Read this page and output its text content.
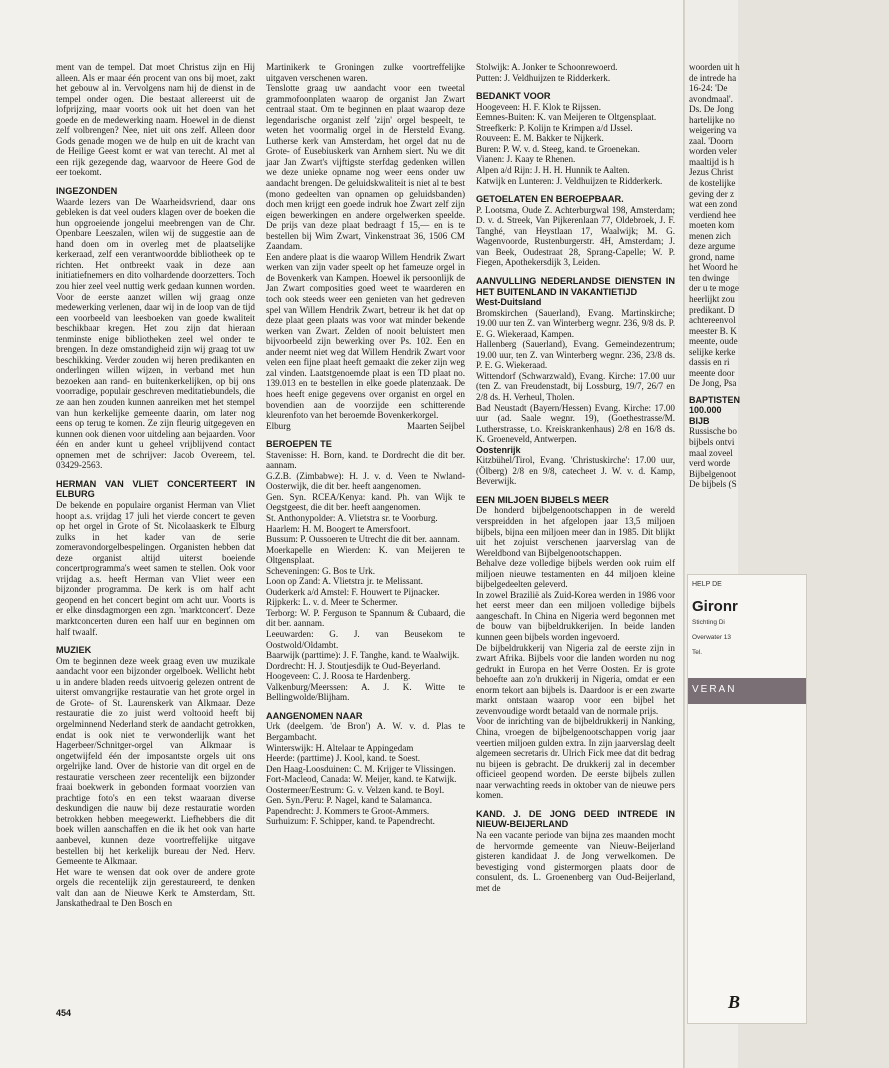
ment van de tempel. Dat moet Christus zijn en Hij alleen. Als er maar één procent van ons bij moet, zakt het gebouw al in. Vervolgens nam hij de dienst in de tempel onder ogen. Die bestaat allereerst uit de lofprijzing, maar voorts ook uit het doen van het goede en de medewerking naam. Hoewel in de dienst zelf volbrengen? Nee, niet uit ons zelf. Alleen door Gods genade mogen we de hulp en uit de kracht van de Heilige Geest komt er wat van terecht. Al met al een rijk gezegende dag, waarvoor de Heere God de eer toekomt.

INGEZONDEN

Waarde lezers van De Waarheidsvriend, daar ons gebleken is dat veel ouders klagen over de boeken die hun opgroeiende jongelui meebrengen van de Chr. Openbare Leeszalen, wilen wij de suggestie aan de hand doen om in overleg met de plaatselijke kerkeraad, zelf een verantwoordde bibliotheek op te richten. Het ontbreekt vaak in deze aan initiatiefnemers en dito volhardende doorzetters. Toch zou hier zeel veel nuttig werk gedaan kunnen worden. Voor de eerste aanzet willen wij graag onze medewerking verlenen, daar wij in de loop van de tijd een voorbeeld van leesboeken van goede kwaliteit beschikbaar kregen. Het zou zijn dat hieraan tenminste enige bibliotheken zeel wel onder te brengen. In deze omstandigheid zijn wij graag tot uw beschikking. Verder zouden wij heren predikanten en onderlingen willen wijzen, in verband met hun bezoeken aan rand- en buitenkerkelijken, op bij ons voorradige, populair geschreven meditatiebundels, die ze aan hen zouden kunnen aanreiken met het stempel van hun kerkelijke gemeente daarin, om later nog eens op terug te komen. Ze zijn fleurig uitgegeven en kunnen ook dienen voor uitdeling aan bejaarden. Voor één en ander kunt u geheel vrijblijvend contact opnemen met de schrijver: Jacob Overeem, tel. 03429-2563.

HERMAN VAN VLIET CONCERTEERT IN ELBURG

De bekende en populaire organist Herman van Vliet hoopt a.s. vrijdag 17 juli het vierde concert te geven op het orgel in Grote of St. Nicolaaskerk te Elburg zulks in het kader van de serie zomeravondorgelbespelingen. Organisten hebben dat deze organist altijd uiterst boeiende concertprogramma's weet samen te stellen. Ook voor vrijdag a.s. heeft Herman van Vliet weer een bijzonder programma. De kerk is om half acht geopend en het concert begint om acht uur. Voorts is er elke dinsdagmorgen een zgn. 'marktconcert'. Deze marktconcerten duren een half uur en beginnen om half twaalf.

MUZIEK

Om te beginnen deze week graag even uw muzikale aandacht voor een bijzonder orgelboek. Wellicht hebt u in andere bladen reeds uitvoerig gelezen ontrent de uiterst omvangrijke restauratie van het grote orgel in de Grote- of St. Laurenskerk van Alkmaar. Deze restauratie die zo juist werd voltooid heeft bij orgelminnend Nederland sterk de aandacht getrokken, endat is ook niet te verwonderlijk want het Hagerbeer/Schnitger-orgel van Alkmaar is ongetwijfeld één der imposantste orgels uit ons orgelrijke land. Over de historie van dit orgel en de restauratie verscheen zeer recentelijk een bijzonder fraai boekwerk in gebonden formaat voorzien van prachtige foto's en een tekst waaraan diverse deskundigen die nauw bij deze restauratie worden betrokken hebben meegewerkt. Liefhebbers die dit boek willen aanschaffen en die ik het ook van harte aanbevel, kunnen deze voortreffelijke uitgave bestellen bij het kerkelijk bureau der Ned. Herv. Gemeente te Alkmaar.

Het ware te wensen dat ook over de andere grote orgels die recentelijk zijn gerestaureerd, te denken valt dan aan de Nieuwe Kerk te Amsterdam, Stt. Janskathedraal te Den Bosch en

Martinikerk te Groningen zulke voortreffelijke uitgaven verschenen waren.

Tenslotte graag uw aandacht voor een tweetal grammofoonplaten waarop de organist Jan Zwart centraal staat. Om te beginnen en plaat waarop deze legendarische organist zelf 'zijn' orgel bespeelt, te weten het voormalig orgel in de Hersteld Evang. Lutherse kerk van Amsterdam, het orgel dat nu de Grote- of Eusebiuskerk van Arnhem siert. Nu we dit jaar Jan Zwart's vijftigste sterfdag gedenken willen we deze unieke opname nog weer eens onder uw aandacht brengen. De geluidskwaliteit is niet al te best (mono gedeelten van opnamen op geluidsbanden) doch men krijgt een goede indruk hoe Zwart zelf zijn eigen bewerkingen en andere orgelwerken speelde. De prijs van deze plaat bedraagt f 15,— en is te bestellen bij Wim Zwart, Vinkenstraat 36, 1506 CM Zaandam.

Een andere plaat is die waarop Willem Hendrik Zwart werken van zijn vader speelt op het fameuze orgel in de Bovenkerk van Kampen. Hoewel ik persoonlijk de Jan Zwart composities goed weet te waarderen en toch ook steeds weer een genieten van het gedreven spel van Willem Hendrik Zwart, betreur ik het dat op deze plaat geen plaats was voor wat minder bekende werken van Zwart. Zelden of nooit beluistert men bijvoorbeeld zijn bewerking over Ps. 102. Een en ander neemt niet weg dat Willem Hendrik Zwart voor velen een fijne plaat heeft gemaakt die zeker zijn weg zal vinden. Laatstgenoemde plaat is een TD plaat no. 139.013 en te bestellen in elke goede platenzaak. De hoes heeft enige gegevens over organist en orgel en bovendien aan de voorzijde een schitterende kleurenfoto van het beroemde Bovenkerkorgel.

Elburg	Maarten Seijbel
BEROEPEN TE

Stavenisse: H. Born, kand. te Dordrecht die dit ber. aannam.

G.Z.B. (Zimbabwe): H. J. v. d. Veen te Nwland-Oosterwijk, die dit ber. heeft aangenomen.

Gen. Syn. RCEA/Kenya: kand. Ph. van Wijk te Oegstgeest, die dit ber. heeft aangenomen.

St. Anthonypolder: A. Vlietstra sr. te Voorburg.

Haarlem: H. M. Boogert te Amersfoort.

Bussum: P. Oussoeren te Utrecht die dit ber. aannam.

Moerkapelle en Wierden: K. van Meijeren te Oltgensplaat.

Scheveningen: G. Bos te Urk.

Loon op Zand: A. Vlietstra jr. te Melissant.

Ouderkerk a/d Amstel: F. Houwert te Pijnacker.

Rijpkerk: L. v. d. Meer te Schermer.

Terborg: W. P. Ferguson te Spannum & Cubaard, die dit ber. aannam.

Leeuwarden: G. J. van Beusekom te Oostwold/Oldambt.

Baarwijk (parttime): J. F. Tanghe, kand. te Waalwijk.

Dordrecht: H. J. Stoutjesdijk te Oud-Beyerland.

Hoogeveen: C. J. Roosa te Hardenberg.

Valkenburg/Meerssen: A. J. K. Witte te Bellingwolde/Blijham.

AANGENOMEN NAAR

Urk (deelgem. 'de Bron') A. W. v. d. Plas te Bergambacht.

Winterswijk: H. Altelaar te Appingedam

Heerde: (parttime) J. Kool, kand. te Soest.

Den Haag-Loosduinen: C. M. Krijger te Vlissingen.

Fort-Macleod, Canada: W. Meijer, kand. te Katwijk.

Oostermeer/Eestrum: G. v. Velzen kand. te Boyl.

Gen. Syn./Peru: P. Nagel, kand te Salamanca.

Papendrecht: J. Kommers te Groot-Ammers.

Surhuizum: F. Schipper, kand. te Papendrecht.

Stolwijk: A. Jonker te Schoonrewoerd.

Putten: J. Veldhuijzen te Ridderkerk.

BEDANKT VOOR

Hoogeveen: H. F. Klok te Rijssen.

Eemnes-Buiten: K. van Meijeren te Oltgensplaat.

Streefkerk: P. Kolijn te Krimpen a/d IJssel.

Rouveen: E. M. Bakker te Nijkerk.

Buren: P. W. v. d. Steeg, kand. te Groenekan.

Vianen: J. Kaay te Rhenen.

Alpen a/d Rijn: J. H. H. Hunnik te Aalten.

Katwijk en Lunteren: J. Veldhuijzen te Ridderkerk.

GETOELATEN EN BEROEPBAAR.

P. Lootsma, Oude Z. Achterburgwal 198, Amsterdam; D. v. d. Streek, Van Pijkerenlaan 77, Oldebroek, J. F. Tanghé, van Heystlaan 17, Waalwijk; M. G. Wagenvoorde, Rustenburgerstr. 4H, Amsterdam; J. van Beek, Oudestraat 28, Sprang-Capelle; W. P. Fiegen, Apothekersdijk 3, Leiden.

AANVULLING NEDERLANDSE DIENSTEN IN HET BUITENLAND IN VAKANTIETIJD
West-Duitsland

Bromskirchen (Sauerland), Evang. Martinskirche; 19.00 uur ten Z. van Winterberg wegnr. 236, 9/8 ds. P. E. G. Wiekeraad, Kampen.

Hallenberg (Sauerland), Evang. Gemeindezentrum; 19.00 uur, ten Z. van Winterberg wegnr. 236, 23/8 ds. P. E. G. Wiekeraad.

Wittendorf (Schwarzwald), Evang. Kirche: 17.00 uur (ten Z. van Freudenstadt, bij Lossburg, 19/7, 26/7 en 2/8 ds. H. Verheul, Tholen.

Bad Neustadt (Bayern/Hessen) Evang. Kirche: 17.00 uur (ad. Saale wegnr. 19), (Goethestrasse/M. Lutherstrasse, t.o. Kreiskrankenhaus) 2/8 en 16/8 ds. K. Groeneveld, Antwerpen.

Oostenrijk

Kitzbühel/Tirol, Evang. 'Christuskirche': 17.00 uur, (Ölberg) 2/8 en 9/8, catecheet J. W. v. d. Kamp, Beverwijk.

EEN MILJOEN BIJBELS MEER

De honderd bijbelgenootschappen in de wereld verspreidden in het afgelopen jaar 13,5 miljoen bijbels, bijna een miljoen meer dan in 1985. Dit blijkt uit het zojuist verschenen jaarverslag van de Wereldbond van Bijbelgenootschappen.

Behalve deze volledige bijbels werden ook ruim elf miljoen nieuwe testamenten en 44 miljoen kleine bijbelgedeelten geleverd.

In zowel Brazilië als Zuid-Korea werden in 1986 voor het eerst meer dan een miljoen volledige bijbels aangeschaft. In China en Nigeria werd begonnen met de bouw van bijbeldrukkerijen. In beide landen kunnen geen bijbels worden ingevoerd.

De bijbeldrukkerij van Nigeria zal de eerste zijn in zwart Afrika. Bijbels voor die landen worden nu nog gedrukt in Europa en het Verre Oosten. Er is grote behoefte aan zo'n drukkerij in Nigeria, omdat er een enorm tekort aan bijbels is. Daardoor is er een zwarte markt ontstaan waarop voor een bijbel het zevenvoudige wordt betaald van de normale prijs.

Voor de inrichting van de bijbeldrukkerij in Nanking, China, vroegen de bijbelgenootschappen vorig jaar veertien miljoen gulden extra. In zijn jaarverslag deelt algemeen secretaris dr. Ulrich Fick mee dat dit bedrag nu bijeen is gebracht. De drukkerij zal in december officieel geopend worden. De eerste bijbels zullen naar verwachting reeds in oktober van de nieuwe pers komen.

KAND. J. DE JONG DEED INTREDE IN NIEUW-BEIJERLAND

Na een vacante periode van bijna zes maanden mocht de hervormde gemeente van Nieuw-Beijerland gisteren kandidaat J. de Jong verwelkomen. De bevestiging vond gistermorgen plaats door de consulent, ds. L. Groenenberg van Oud-Beijerland, met de

454

woorden uit h

de intrede ha

16-24: 'De

avondmaal'.

Ds. De Jong

hartelijke no

weigering va

zaal. 'Doorn

worden veler

maaltijd is h

Jezus Christ

de kostelijke

geving der z

wat een zond

verdiend hee

moeten kom

menen zich

deze argume

grond, name

het Woord he

ten dwinge

der u te moge

heerlijkt zou

predikant. D

achtereenvol

meester B. K

meente, oude

selijke kerke

dassis en ri

meente door

De Jong, Psa

BAPTISTEN 100.000 BIJB

Russische bo

bijbels ontvi

maal zoveel

verd worde

Bijbelgenoot

De bijbels (S

HELP DE
Gironr
Stichting Di
Overwater 13
Tel.
VERAN

B
